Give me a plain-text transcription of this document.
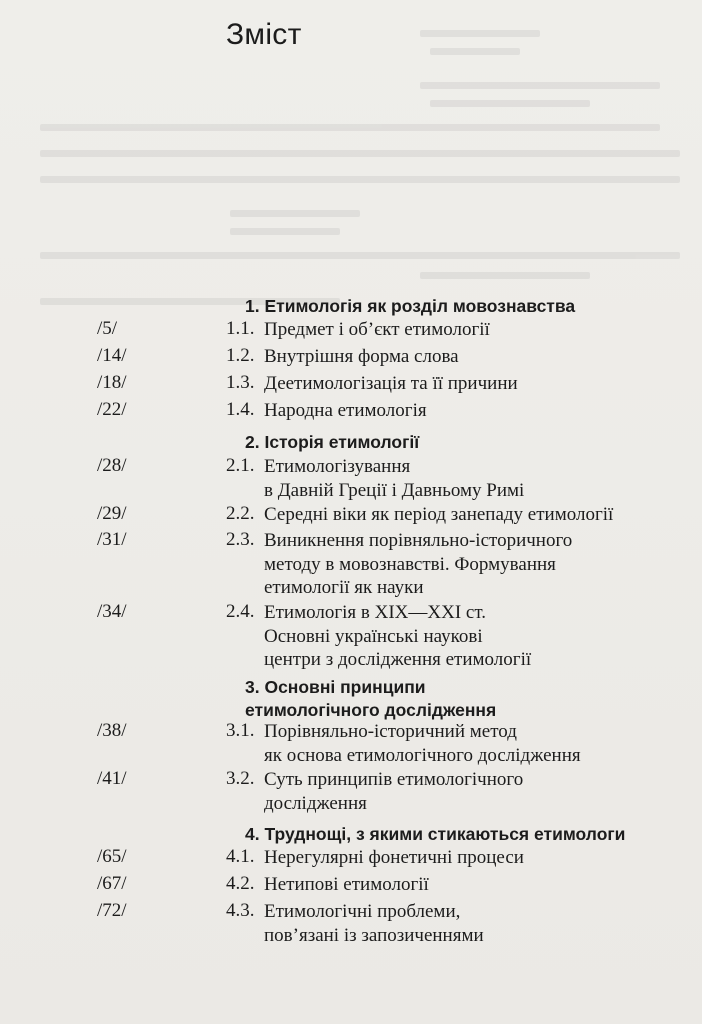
Зміст
1. Етимологія як розділ мовознавства
/5/	1.1. Предмет і об’єкт етимології
/14/	1.2. Внутрішня форма слова
/18/	1.3. Деетимологізація та її причини
/22/	1.4. Народна етимологія
2. Історія етимології
/28/	2.1. Етимологізування
в Давній Греції і Давньому Римі
/29/	2.2. Середні віки як період занепаду етимології
/31/	2.3. Виникнення порівняльно-історичного
методу в мовознавстві. Формування
етимології як науки
/34/	2.4. Етимологія в XIX—XXI ст.
Основні українські наукові
центри з дослідження етимології
3. Основні принципи
етимологічного дослідження
/38/	3.1. Порівняльно-історичний метод
як основа етимологічного дослідження
/41/	3.2. Суть принципів етимологічного
дослідження
4. Труднощі, з якими стикаються етимологи
/65/	4.1. Нерегулярні фонетичні процеси
/67/	4.2. Нетипові етимології
/72/	4.3. Етимологічні проблеми,
пов’язані із запозиченнями
